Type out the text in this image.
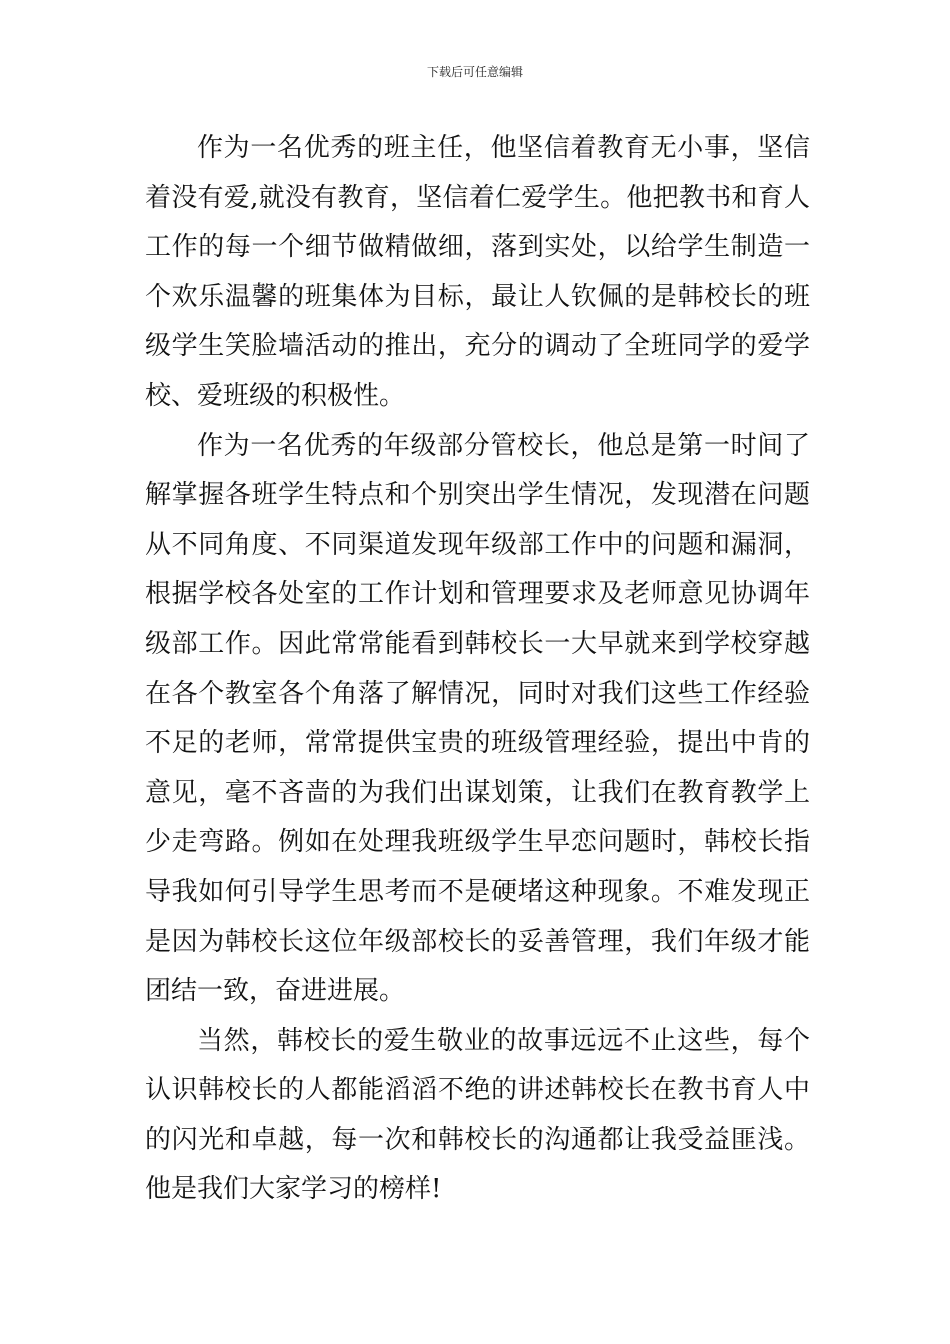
下载后可任意编辑

作为一名优秀的班主任，他坚信着教育无小事，坚信着没有爱,就没有教育，坚信着仁爱学生。他把教书和育人工作的每一个细节做精做细，落到实处，以给学生制造一个欢乐温馨的班集体为目标，最让人钦佩的是韩校长的班级学生笑脸墙活动的推出，充分的调动了全班同学的爱学校、爱班级的积极性。

作为一名优秀的年级部分管校长，他总是第一时间了解掌握各班学生特点和个别突出学生情况，发现潜在问题从不同角度、不同渠道发现年级部工作中的问题和漏洞，根据学校各处室的工作计划和管理要求及老师意见协调年级部工作。因此常常能看到韩校长一大早就来到学校穿越在各个教室各个角落了解情况，同时对我们这些工作经验不足的老师，常常提供宝贵的班级管理经验，提出中肯的意见，毫不吝啬的为我们出谋划策，让我们在教育教学上少走弯路。例如在处理我班级学生早恋问题时，韩校长指导我如何引导学生思考而不是硬堵这种现象。不难发现正是因为韩校长这位年级部校长的妥善管理，我们年级才能团结一致，奋进进展。

当然，韩校长的爱生敬业的故事远远不止这些，每个认识韩校长的人都能滔滔不绝的讲述韩校长在教书育人中的闪光和卓越，每一次和韩校长的沟通都让我受益匪浅。他是我们大家学习的榜样!
